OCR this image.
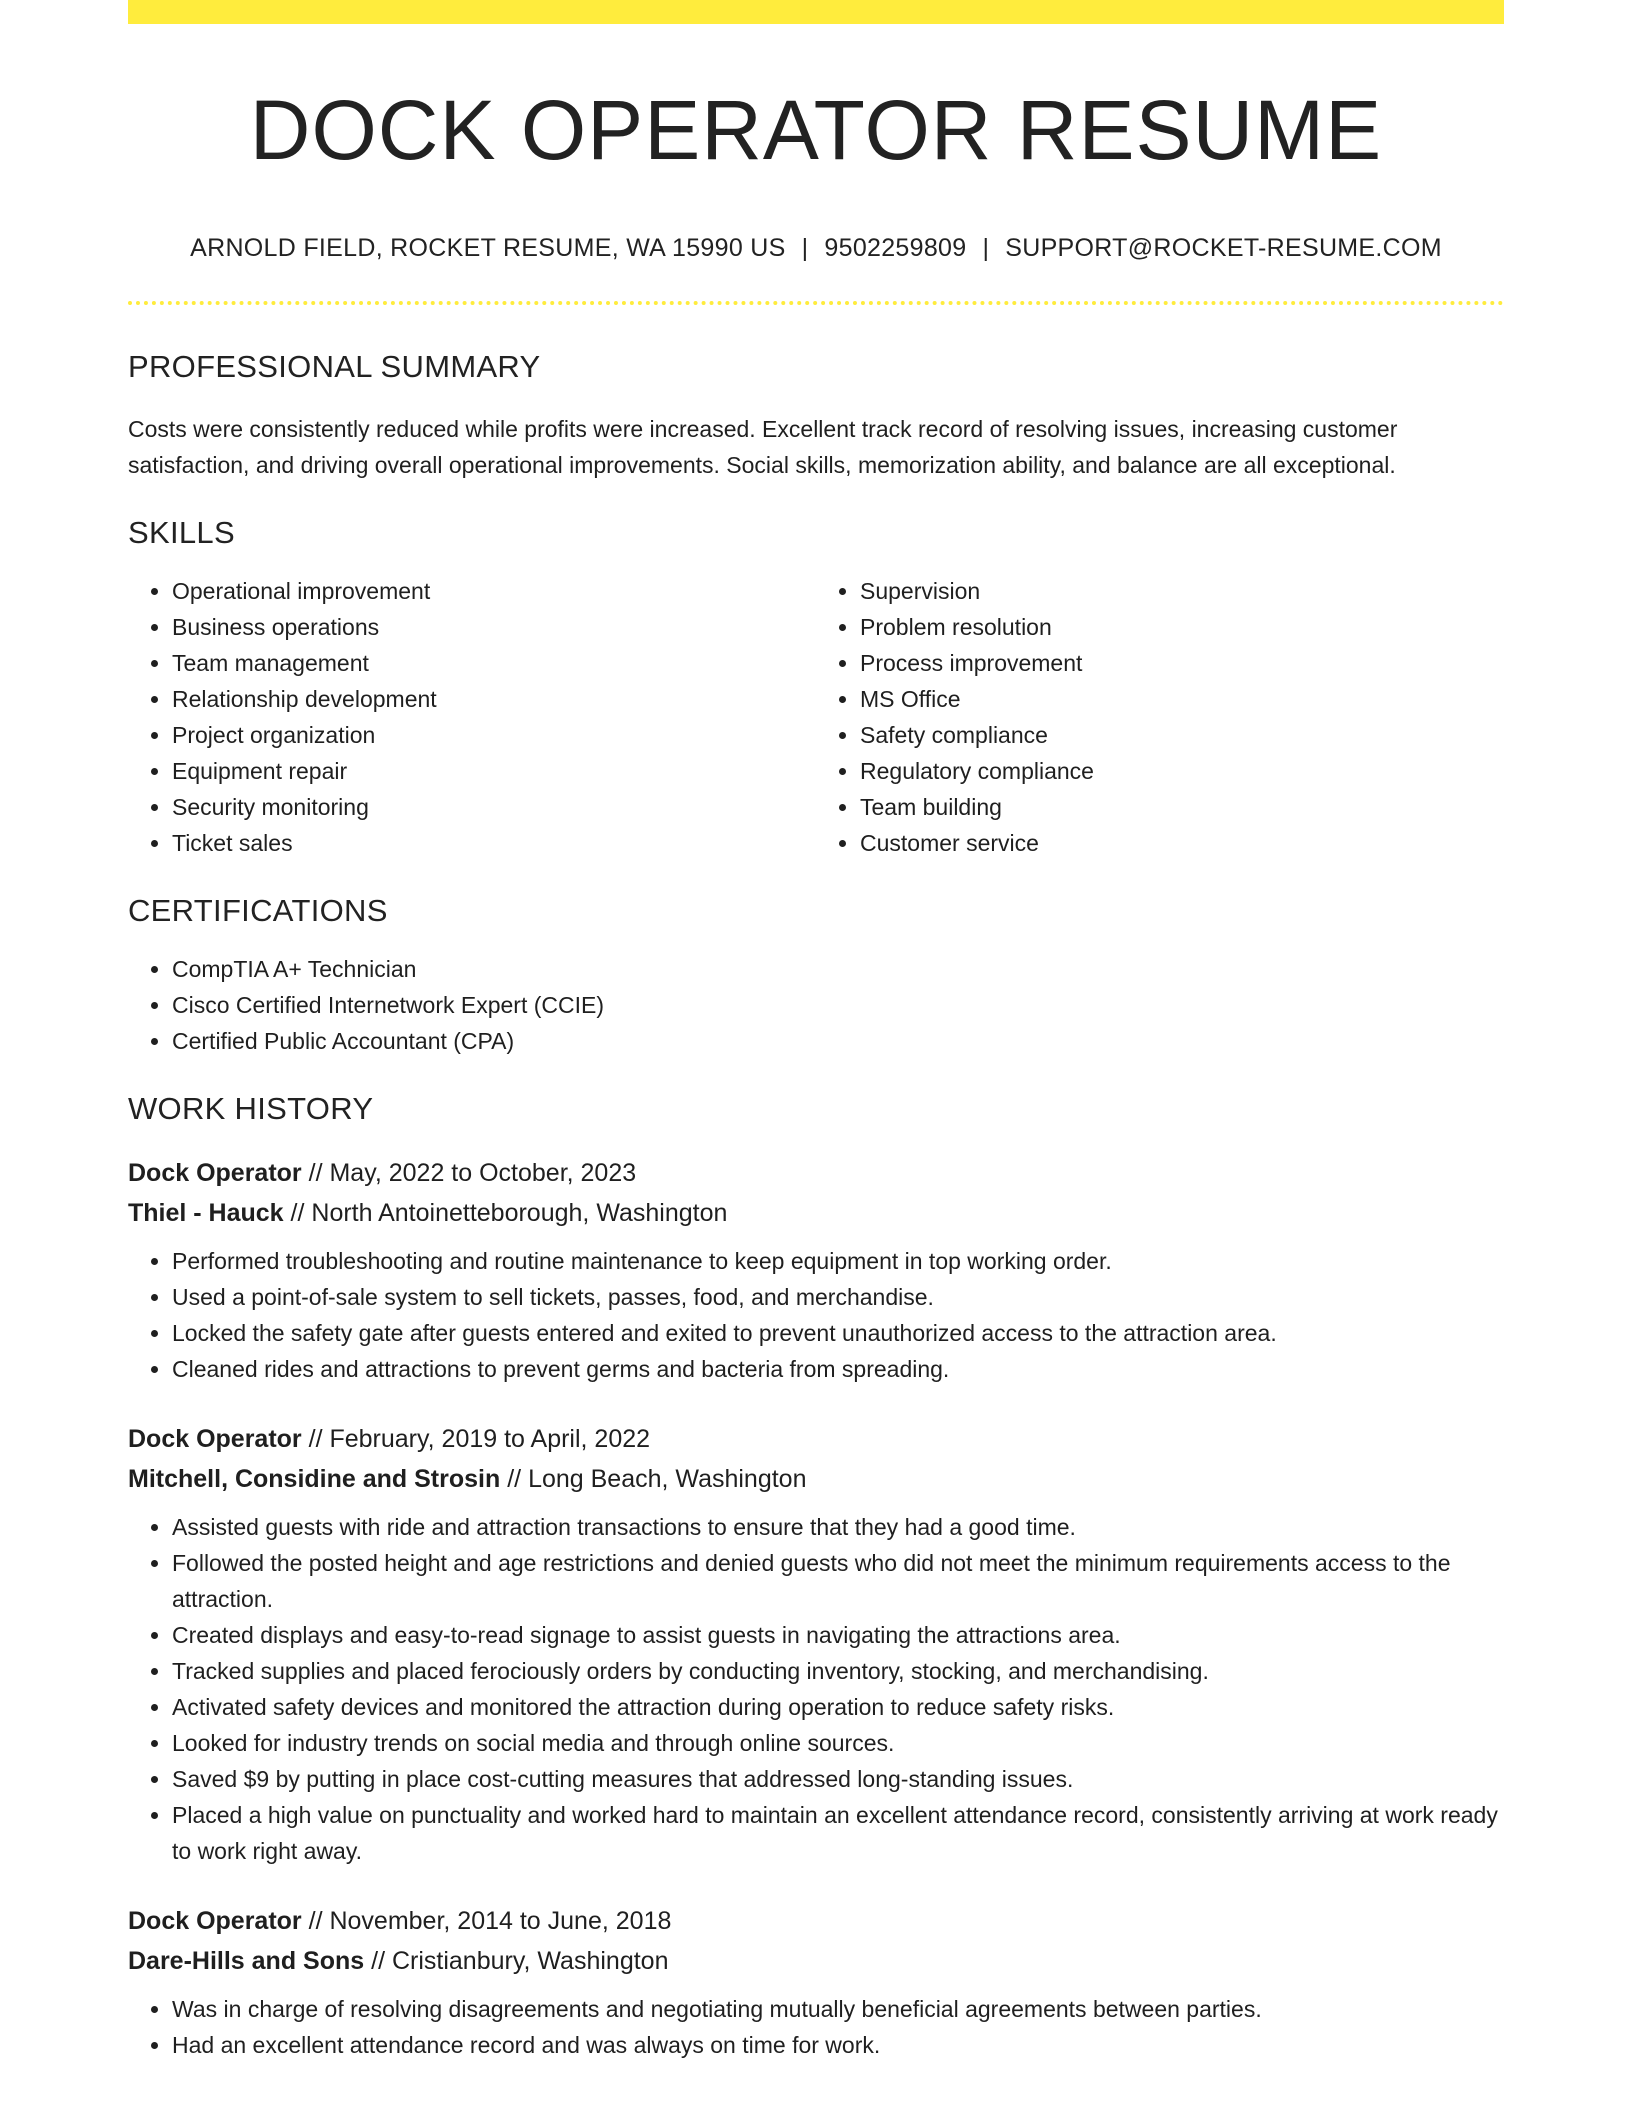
DOCK OPERATOR RESUME
ARNOLD FIELD, ROCKET RESUME, WA 15990 US | 9502259809 | SUPPORT@ROCKET-RESUME.COM
PROFESSIONAL SUMMARY

Costs were consistently reduced while profits were increased. Excellent track record of resolving issues, increasing customer satisfaction, and driving overall operational improvements. Social skills, memorization ability, and balance are all exceptional.

SKILLS
• Operational improvement
• Business operations
• Team management
• Relationship development
• Project organization
• Equipment repair
• Security monitoring
• Ticket sales
• Supervision
• Problem resolution
• Process improvement
• MS Office
• Safety compliance
• Regulatory compliance
• Team building
• Customer service
CERTIFICATIONS
• CompTIA A+ Technician
• Cisco Certified Internetwork Expert (CCIE)
• Certified Public Accountant (CPA)
WORK HISTORY
Dock Operator // May, 2022 to October, 2023
Thiel - Hauck // North Antoinetteborough, Washington
• Performed troubleshooting and routine maintenance to keep equipment in top working order.
• Used a point-of-sale system to sell tickets, passes, food, and merchandise.
• Locked the safety gate after guests entered and exited to prevent unauthorized access to the attraction area.
• Cleaned rides and attractions to prevent germs and bacteria from spreading.
Dock Operator // February, 2019 to April, 2022
Mitchell, Considine and Strosin // Long Beach, Washington
• Assisted guests with ride and attraction transactions to ensure that they had a good time.
• Followed the posted height and age restrictions and denied guests who did not meet the minimum requirements access to the attraction.
• Created displays and easy-to-read signage to assist guests in navigating the attractions area.
• Tracked supplies and placed ferociously orders by conducting inventory, stocking, and merchandising.
• Activated safety devices and monitored the attraction during operation to reduce safety risks.
• Looked for industry trends on social media and through online sources.
• Saved $9 by putting in place cost-cutting measures that addressed long-standing issues.
• Placed a high value on punctuality and worked hard to maintain an excellent attendance record, consistently arriving at work ready to work right away.
Dock Operator // November, 2014 to June, 2018
Dare-Hills and Sons // Cristianbury, Washington
• Was in charge of resolving disagreements and negotiating mutually beneficial agreements between parties.
• Had an excellent attendance record and was always on time for work.
